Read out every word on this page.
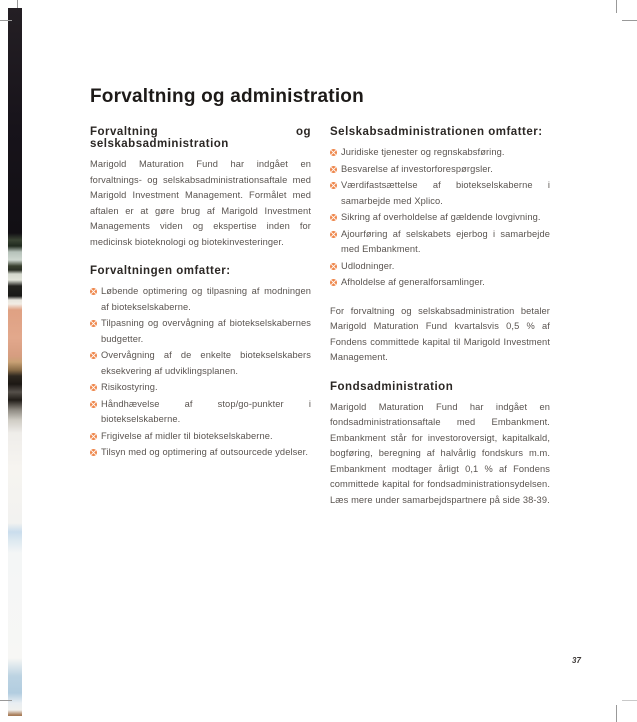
Forvaltning og administration
Forvaltning og selskabsadministration

Marigold Maturation Fund har indgået en forvaltnings- og selskabsadministrationsaftale med Marigold Investment Management. Formålet med aftalen er at gøre brug af Marigold Investment Managements viden og ekspertise inden for medicinsk bioteknologi og biotekinvesteringer.

Forvaltningen omfatter:
Løbende optimering og tilpasning af modningen af biotekselskaberne.
Tilpasning og overvågning af biotekselskabernes budgetter.
Overvågning af de enkelte biotekselskabers eksekvering af udviklingsplanen.
Risikostyring.
Håndhævelse af stop/go-punkter i biotekselskaberne.
Frigivelse af midler til biotekselskaberne.
Tilsyn med og optimering af outsourcede ydelser.
Selskabsadministrationen omfatter:
Juridiske tjenester og regnskabsføring.
Besvarelse af investorforespørgsler.
Værdifastsættelse af biotekselskaberne i samarbejde med Xplico.
Sikring af overholdelse af gældende lovgivning.
Ajourføring af selskabets ejerbog i samarbejde med Embankment.
Udlodninger.
Afholdelse af generalforsamlinger.

For forvaltning og selskabsadministration betaler Marigold Maturation Fund kvartalsvis 0,5 % af Fondens committede kapital til Marigold Investment Management.

Fondsadministration

Marigold Maturation Fund har indgået en fondsadministrationsaftale med Embankment. Embankment står for investoroversigt, kapitalkald, bogføring, beregning af halvårlig fondskurs m.m. Embankment modtager årligt 0,1 % af Fondens committede kapital for fondsadministrationsydelsen. Læs mere under samarbejdspartnere på side 38-39.

37
